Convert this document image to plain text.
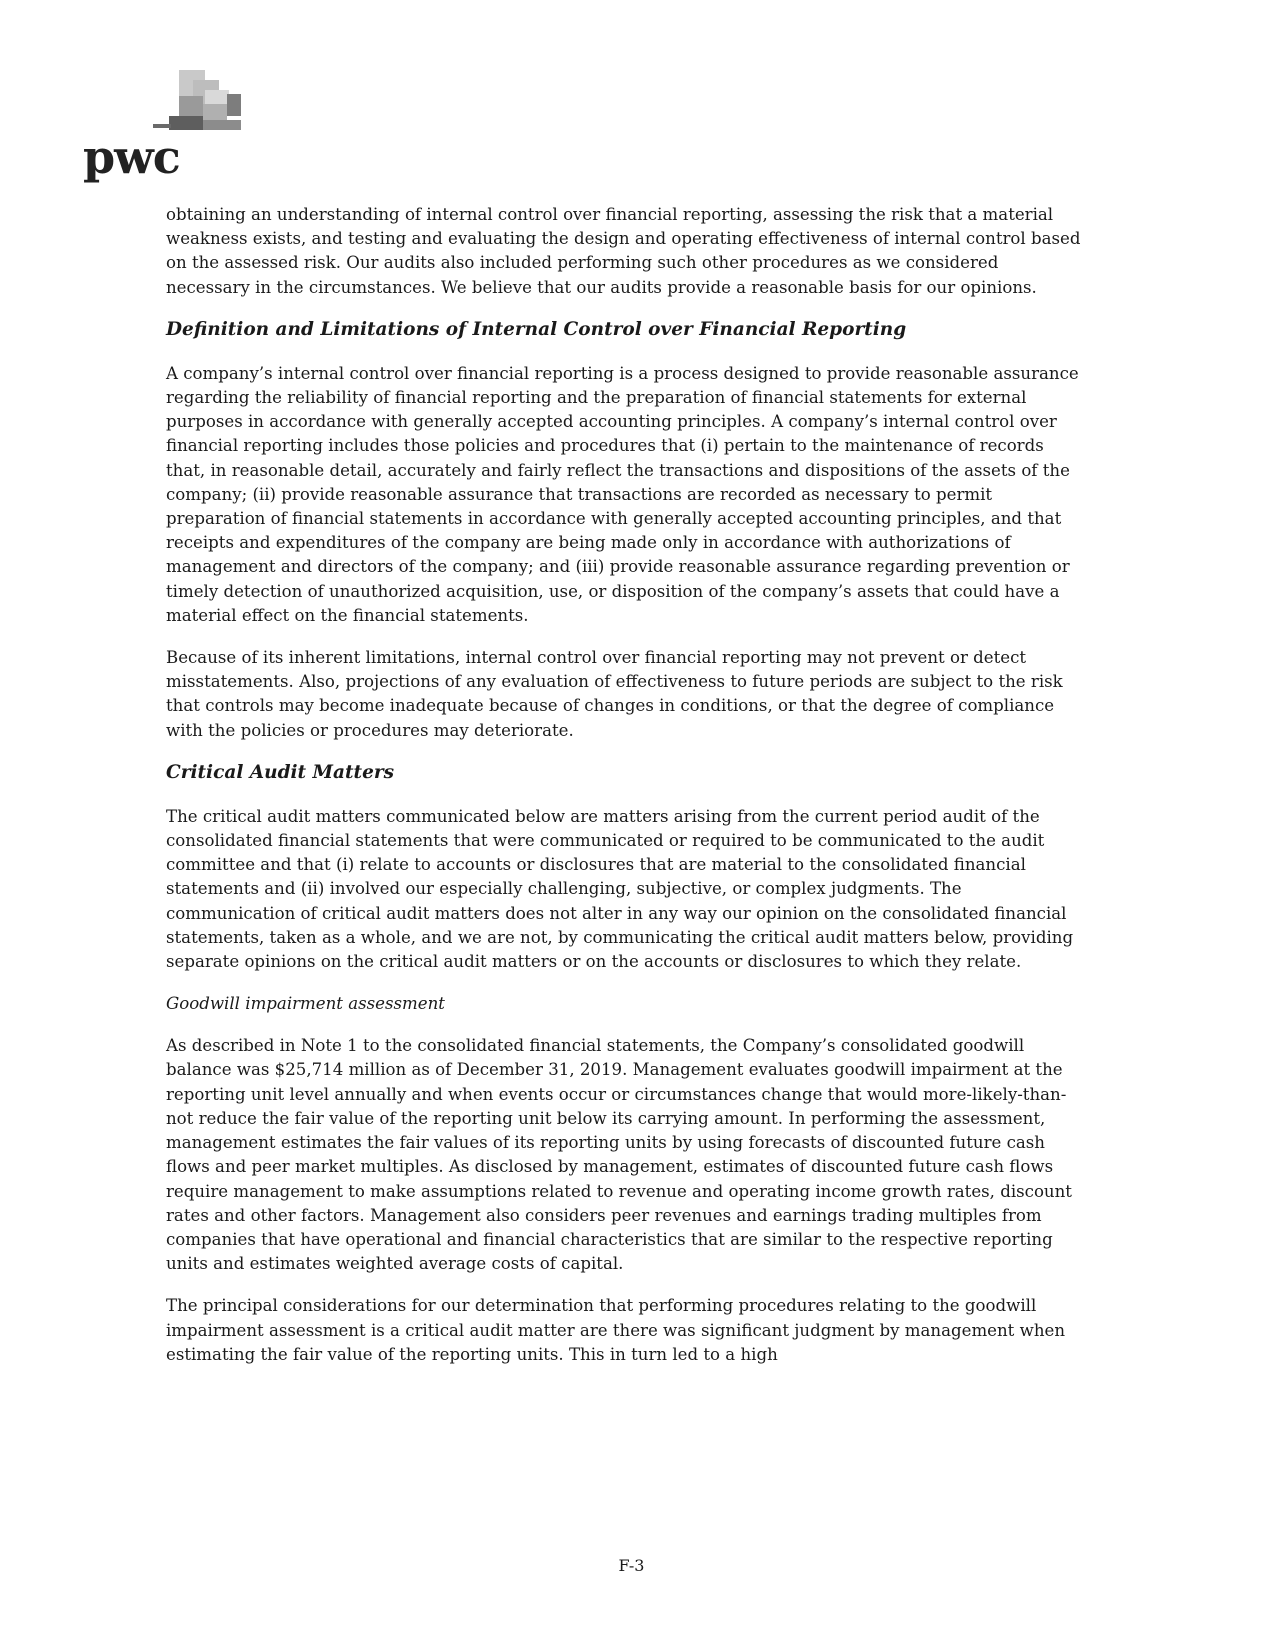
pwc

obtaining an understanding of internal control over financial reporting, assessing the risk that a material weakness exists, and testing and evaluating the design and operating effectiveness of internal control based on the assessed risk. Our audits also included performing such other procedures as we considered necessary in the circumstances. We believe that our audits provide a reasonable basis for our opinions.

Definition and Limitations of Internal Control over Financial Reporting

A company’s internal control over financial reporting is a process designed to provide reasonable assurance regarding the reliability of financial reporting and the preparation of financial statements for external purposes in accordance with generally accepted accounting principles. A company’s internal control over financial reporting includes those policies and procedures that (i) pertain to the maintenance of records that, in reasonable detail, accurately and fairly reflect the transactions and dispositions of the assets of the company; (ii) provide reasonable assurance that transactions are recorded as necessary to permit preparation of financial statements in accordance with generally accepted accounting principles, and that receipts and expenditures of the company are being made only in accordance with authorizations of management and directors of the company; and (iii) provide reasonable assurance regarding prevention or timely detection of unauthorized acquisition, use, or disposition of the company’s assets that could have a material effect on the financial statements.

Because of its inherent limitations, internal control over financial reporting may not prevent or detect misstatements. Also, projections of any evaluation of effectiveness to future periods are subject to the risk that controls may become inadequate because of changes in conditions, or that the degree of compliance with the policies or procedures may deteriorate.

Critical Audit Matters

The critical audit matters communicated below are matters arising from the current period audit of the consolidated financial statements that were communicated or required to be communicated to the audit committee and that (i) relate to accounts or disclosures that are material to the consolidated financial statements and (ii) involved our especially challenging, subjective, or complex judgments. The communication of critical audit matters does not alter in any way our opinion on the consolidated financial statements, taken as a whole, and we are not, by communicating the critical audit matters below, providing separate opinions on the critical audit matters or on the accounts or disclosures to which they relate.

Goodwill impairment assessment

As described in Note 1 to the consolidated financial statements, the Company’s consolidated goodwill balance was $25,714 million as of December 31, 2019. Management evaluates goodwill impairment at the reporting unit level annually and when events occur or circumstances change that would more-likely-than-not reduce the fair value of the reporting unit below its carrying amount. In performing the assessment, management estimates the fair values of its reporting units by using forecasts of discounted future cash flows and peer market multiples. As disclosed by management, estimates of discounted future cash flows require management to make assumptions related to revenue and operating income growth rates, discount rates and other factors. Management also considers peer revenues and earnings trading multiples from companies that have operational and financial characteristics that are similar to the respective reporting units and estimates weighted average costs of capital.

The principal considerations for our determination that performing procedures relating to the goodwill impairment assessment is a critical audit matter are there was significant judgment by management when estimating the fair value of the reporting units. This in turn led to a high

F-3
